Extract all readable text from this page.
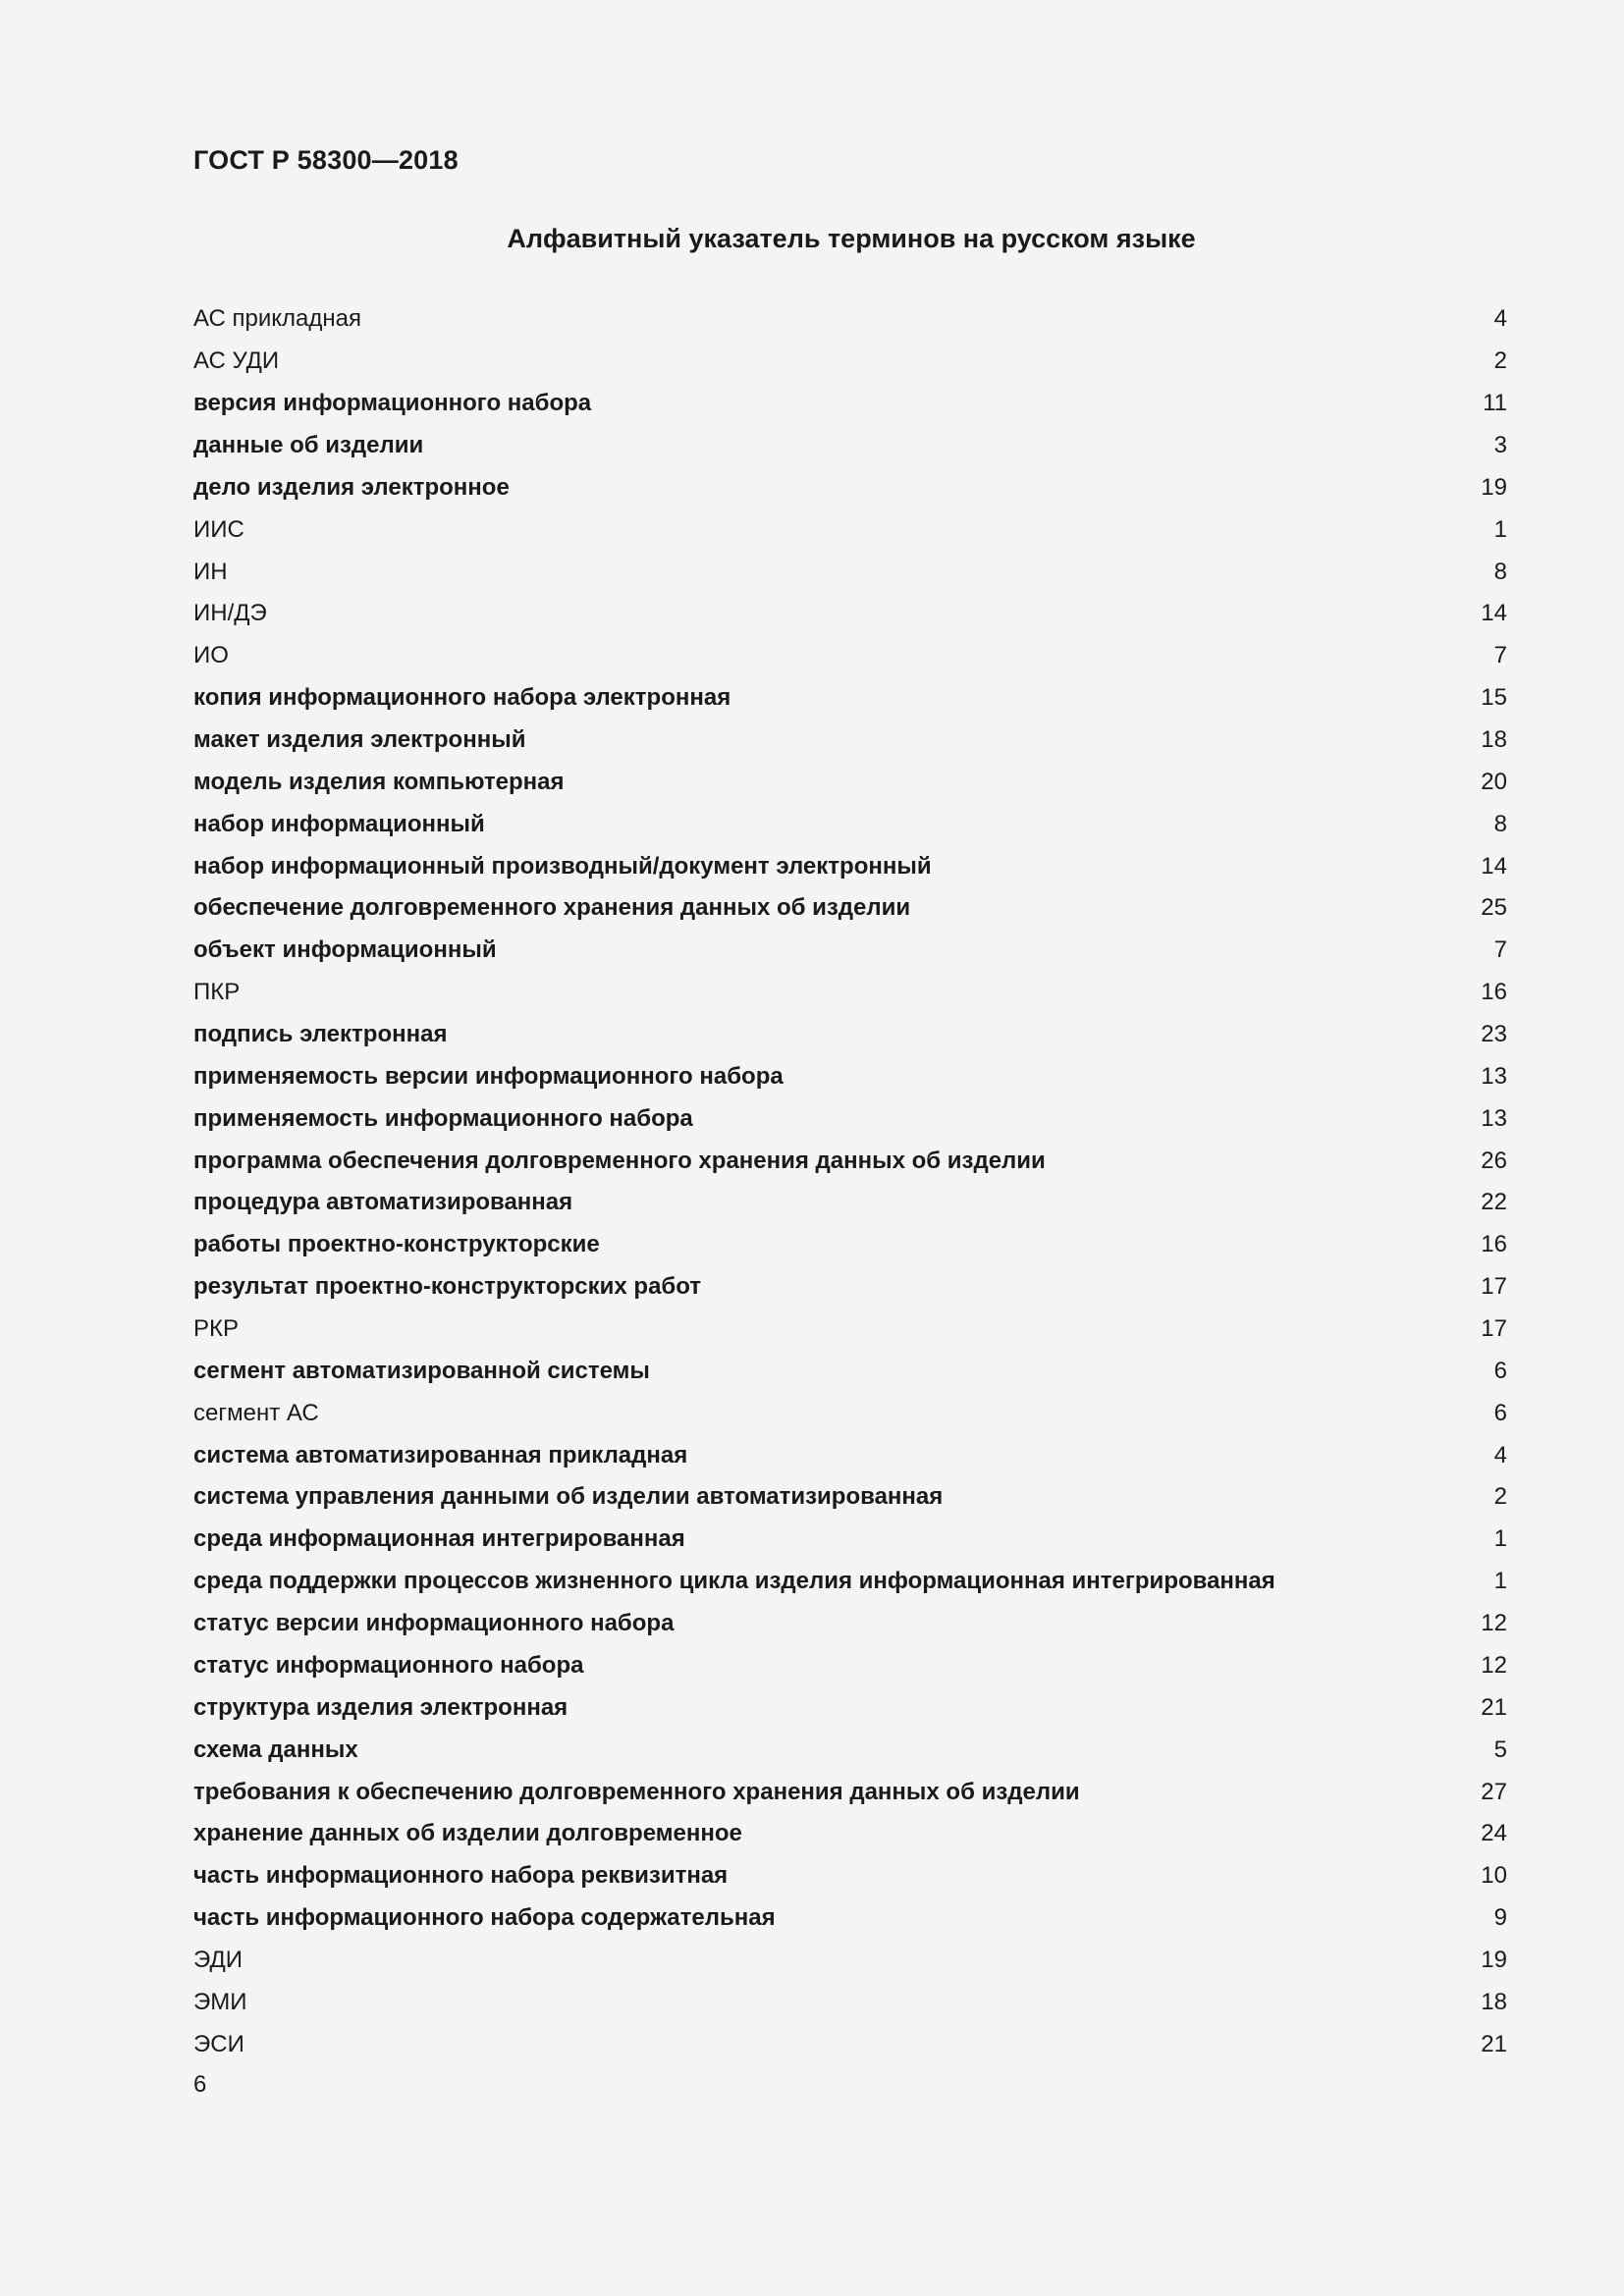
ГОСТ Р 58300—2018
Алфавитный указатель терминов на русском языке
АС прикладная	4
АС УДИ	2
версия информационного набора	11
данные об изделии	3
дело изделия электронное	19
ИИС	1
ИН	8
ИН/ДЭ	14
ИО	7
копия информационного набора электронная	15
макет изделия электронный	18
модель изделия компьютерная	20
набор информационный	8
набор информационный производный/документ электронный	14
обеспечение долговременного хранения данных об изделии	25
объект информационный	7
ПКР	16
подпись электронная	23
применяемость версии информационного набора	13
применяемость информационного набора	13
программа обеспечения долговременного хранения данных об изделии	26
процедура автоматизированная	22
работы проектно-конструкторские	16
результат проектно-конструкторских работ	17
РКР	17
сегмент автоматизированной системы	6
сегмент АС	6
система автоматизированная прикладная	4
система управления данными об изделии автоматизированная	2
среда информационная интегрированная	1
среда поддержки процессов жизненного цикла изделия информационная интегрированная	1
статус версии информационного набора	12
статус информационного набора	12
структура изделия электронная	21
схема данных	5
требования к обеспечению долговременного хранения данных об изделии	27
хранение данных об изделии долговременное	24
часть информационного набора реквизитная	10
часть информационного набора содержательная	9
ЭДИ	19
ЭМИ	18
ЭСИ	21
6
